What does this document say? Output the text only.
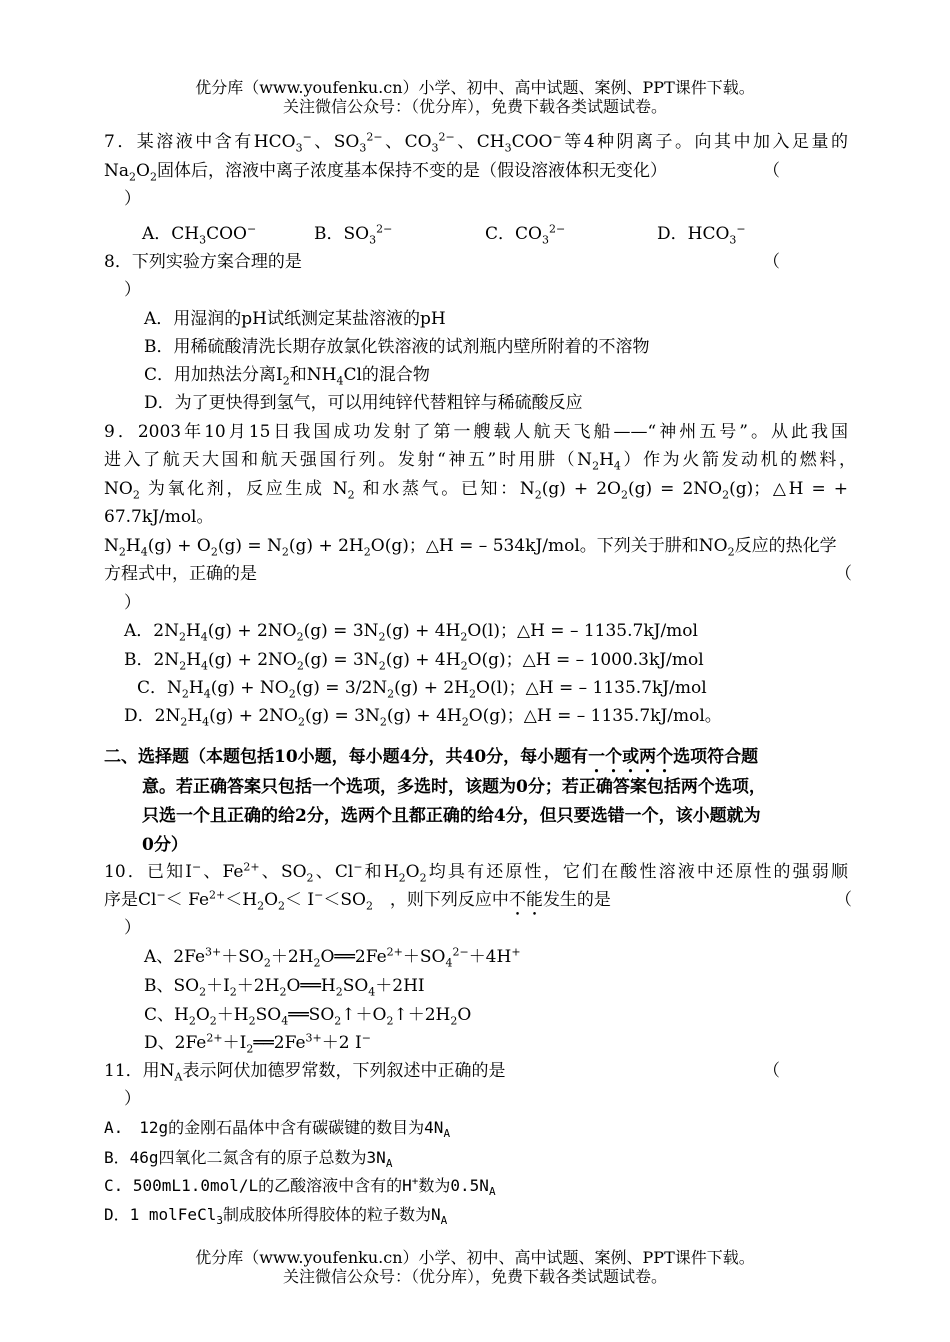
优分库（www.youfenku.cn）小学、初中、高中试题、案例、PPT课件下载。
关注微信公众号：（优分库），免费下载各类试题试卷。
7．某溶液中含有$HCO_3^-$、$SO_3^{2-}$、$CO_3^{2-}$、$CH_3COO^-$等4种阴离子。向其中加入足量的
$Na_2O_2$固体后，溶液中离子浓度基本保持不变的是（假设溶液体积无变化）	（
）
A．$CH_3COO^-$	B．$SO_3^{2-}$	C．$CO_3^{2-}$	D．$HCO_3^-$
8．下列实验方案合理的是	（
）
A．用湿润的pH试纸测定某盐溶液的pH
B．用稀硫酸清洗长期存放氯化铁溶液的试剂瓶内壁所附着的不溶物
C．用加热法分离$I_2$和$NH_4Cl$的混合物
D．为了更快得到氢气，可以用纯锌代替粗锌与稀硫酸反应
9．2003年10月15日我国成功发射了第一艘载人航天飞船——“神州五号”。从此我国
进入了航天大国和航天强国行列。发射“神五”时用肼$(N_2H_4)$作为火箭发动机的燃料，
$NO_2$ 为氧化剂，反应生成 $N_2$ 和水蒸气。已知：$N_2(g) + 2O_2(g) = 2NO_2(g)$；△H = +
67.7kJ/mol。
$N_2H_4(g) + O_2(g) = N_2(g) + 2H_2O(g)$；△H = – 534kJ/mol。下列关于肼和$NO_2$反应的热化学
方程式中，正确的是	（
）
A．$2N_2H_4(g) + 2NO_2(g) = 3N_2(g) + 4H_2O(l)$；△H = – 1135.7kJ/mol
B．$2N_2H_4(g) + 2NO_2(g) = 3N_2(g) + 4H_2O(g)$；△H = – 1000.3kJ/mol
C．$N_2H_4(g) + NO_2(g) = 3/2N_2(g) + 2H_2O(l)$；△H = – 1135.7kJ/mol
D．$2N_2H_4(g) + 2NO_2(g) = 3N_2(g) + 4H_2O(g)$；△H = – 1135.7kJ/mol。
二、选择题（本题包括10小题，每小题4分，共40分，每小题有一个或两个选项符合题
意。若正确答案只包括一个选项，多选时，该题为0分；若正确答案包括两个选项，
只选一个且正确的给2分，选两个且都正确的给4分，但只要选错一个，该小题就为
0分）
10．已知I−、$Fe^{2+}$、$SO_2$、Cl−和$H_2O_2$均具有还原性，它们在酸性溶液中还原性的强弱顺
序是$Cl^-< Fe^{2+}<H_2O_2< I^-<SO_2$　，则下列反应中不能发生的是	（
）
A、$2Fe^{3+}+SO_2+2H_2O══2Fe^{2+}+SO_4^{2-}+4H^+$
B、$SO_2+I_2+2H_2O══H_2SO_4+2HI$
C、$H_2O_2+H_2SO_4══SO_2↑+O_2↑+2H_2O$
D、$2Fe^{2+}+I_2══2Fe^{3+}+2$ I−
11．用$N_A$表示阿伏加德罗常数，下列叙述中正确的是	（
）
A.　12g的金刚石晶体中含有碳碳键的数目为$4N_A$
B．46g四氧化二氮含有的原子总数为$3N_A$
C. 500mL1.0mol/L的乙酸溶液中含有的H+数为$0.5N_A$
D．1 molFeCl$_3$制成胶体所得胶体的粒子数为$N_A$
优分库（www.youfenku.cn）小学、初中、高中试题、案例、PPT课件下载。
关注微信公众号：（优分库），免费下载各类试题试卷。
